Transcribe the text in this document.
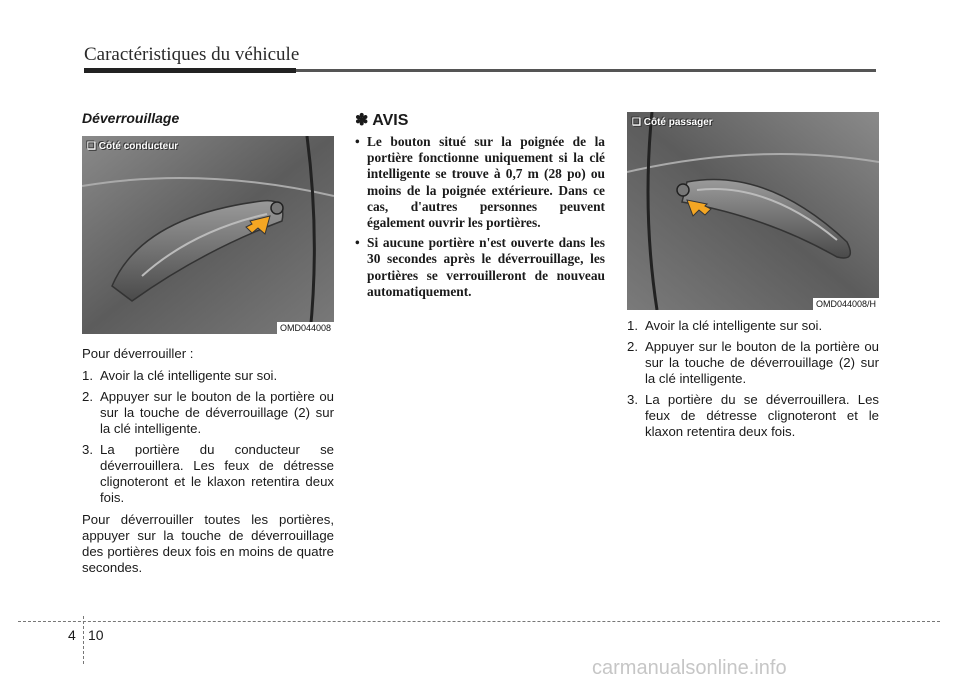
Caractéristiques du véhicule
Déverrouillage
❑ Côté conducteur
OMD044008

Pour déverrouiller :

1. Avoir la clé intelligente sur soi.
2. Appuyer sur le bouton de la portière ou sur la touche de déverrouillage (2) sur la clé intelligente.
3. La portière du conducteur se déverrouillera. Les feux de détresse clignoteront et le klaxon retentira deux fois.

Pour déverrouiller toutes les portières, appuyer sur la touche de déverrouillage des portières deux fois en moins de quatre secondes.

✽ AVIS
• Le bouton situé sur la poignée de la portière fonctionne uniquement si la clé intelligente se trouve à 0,7 m (28 po) ou moins de la poignée extérieure. Dans ce cas, d'autres personnes peuvent également ouvrir les portières.
• Si aucune portière n'est ouverte dans les 30 secondes après le déverrouillage, les portières se verrouilleront de nouveau automatiquement.
❑ Côté passager
OMD044008/H
1. Avoir la clé intelligente sur soi.
2. Appuyer sur le bouton de la portière ou sur la touche de déverrouillage (2) sur la clé intelligente.
3. La portière du se déverrouillera. Les feux de détresse clignoteront et le klaxon retentira deux fois.
4 10
carmanualsonline.info
